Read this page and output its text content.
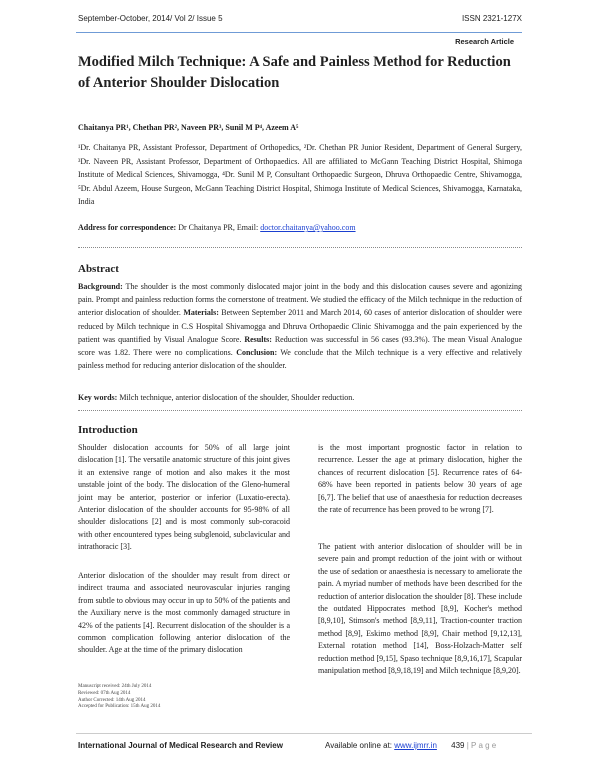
September-October, 2014/ Vol 2/ Issue 5	ISSN 2321-127X
Research Article
Modified Milch Technique: A Safe and Painless Method for Reduction of Anterior Shoulder Dislocation
Chaitanya PR¹, Chethan PR², Naveen PR³, Sunil M P⁴, Azeem A⁵
¹Dr. Chaitanya PR, Assistant Professor, Department of Orthopedics, ²Dr. Chethan PR Junior Resident, Department of General Surgery, ³Dr. Naveen PR, Assistant Professor, Department of Orthopaedics. All are affiliated to McGann Teaching District Hospital, Shimoga Institute of Medical Sciences, Shivamogga, ⁴Dr. Sunil M P, Consultant Orthopaedic Surgeon, Dhruva Orthopaedic Centre, Shivamogga, ⁵Dr. Abdul Azeem, House Surgeon, McGann Teaching District Hospital, Shimoga Institute of Medical Sciences, Shivamogga, Karnataka, India
Address for correspondence: Dr Chaitanya PR, Email: doctor.chaitanya@yahoo.com
Abstract
Background: The shoulder is the most commonly dislocated major joint in the body and this dislocation causes severe and agonizing pain. Prompt and painless reduction forms the cornerstone of treatment. We studied the efficacy of the Milch technique in the reduction of anterior dislocation of shoulder. Materials: Between September 2011 and March 2014, 60 cases of anterior dislocation of shoulder were reduced by Milch technique in C.S Hospital Shivamogga and Dhruva Orthopaedic Clinic Shivamogga and the pain experienced by the patient was quantified by Visual Analogue Score. Results: Reduction was successful in 56 cases (93.3%). The mean Visual Analogue score was 1.82. There were no complications. Conclusion: We conclude that the Milch technique is a very effective and relatively painless method for reducing anterior dislocation of the shoulder.
Key words: Milch technique, anterior dislocation of the shoulder, Shoulder reduction.
Introduction
Shoulder dislocation accounts for 50% of all large joint dislocation [1]. The versatile anatomic structure of this joint gives it an extensive range of motion and also makes it the most unstable joint of the body. The dislocation of the Gleno-humeral joint may be anterior, posterior or inferior (Luxatio-erecta). Anterior dislocation of the shoulder accounts for 95-98% of all shoulder dislocations [2] and is most commonly sub-coracoid with other encountered types being subglenoid, subclavicular and intrathoracic [3].
Anterior dislocation of the shoulder may result from direct or indirect trauma and associated neurovascular injuries ranging from subtle to obvious may occur in up to 50% of the patients and the Auxiliary nerve is the most commonly damaged structure in 42% of the patients [4]. Recurrent dislocation of the shoulder is a common complication following anterior dislocation of the shoulder. Age at the time of the primary dislocation
Manuscript received: 24th July 2014
Reviewed: 07th Aug 2014
Author Corrected: 14th Aug 2014
Accepted for Publication: 15th Aug 2014
is the most important prognostic factor in relation to recurrence. Lesser the age at primary dislocation, higher the chances of recurrent dislocation [5]. Recurrence rates of 64-68% have been reported in patients below 30 years of age [6,7]. The belief that use of anaesthesia for reduction decreases the rate of recurrence has been proved to be wrong [7].
The patient with anterior dislocation of shoulder will be in severe pain and prompt reduction of the joint with or without the use of sedation or anaesthesia is necessary to ameliorate the pain. A myriad number of methods have been described for the reduction of anterior dislocation the shoulder [8]. These include the outdated Hippocrates method [8,9], Kocher's method [8,9,10], Stimson's method [8,9,11], Traction-counter traction method [8,9], Eskimo method [8,9], Chair method [9,12,13], External rotation method [14], Boss-Holzach-Matter self reduction method [9,15], Spaso technique [8,9,16,17], Scapular manipulation method [8,9,18,19] and Milch technique [8,9,20].
International Journal of Medical Research and Review	Available online at: www.ijmrr.in 439 | P a g e
